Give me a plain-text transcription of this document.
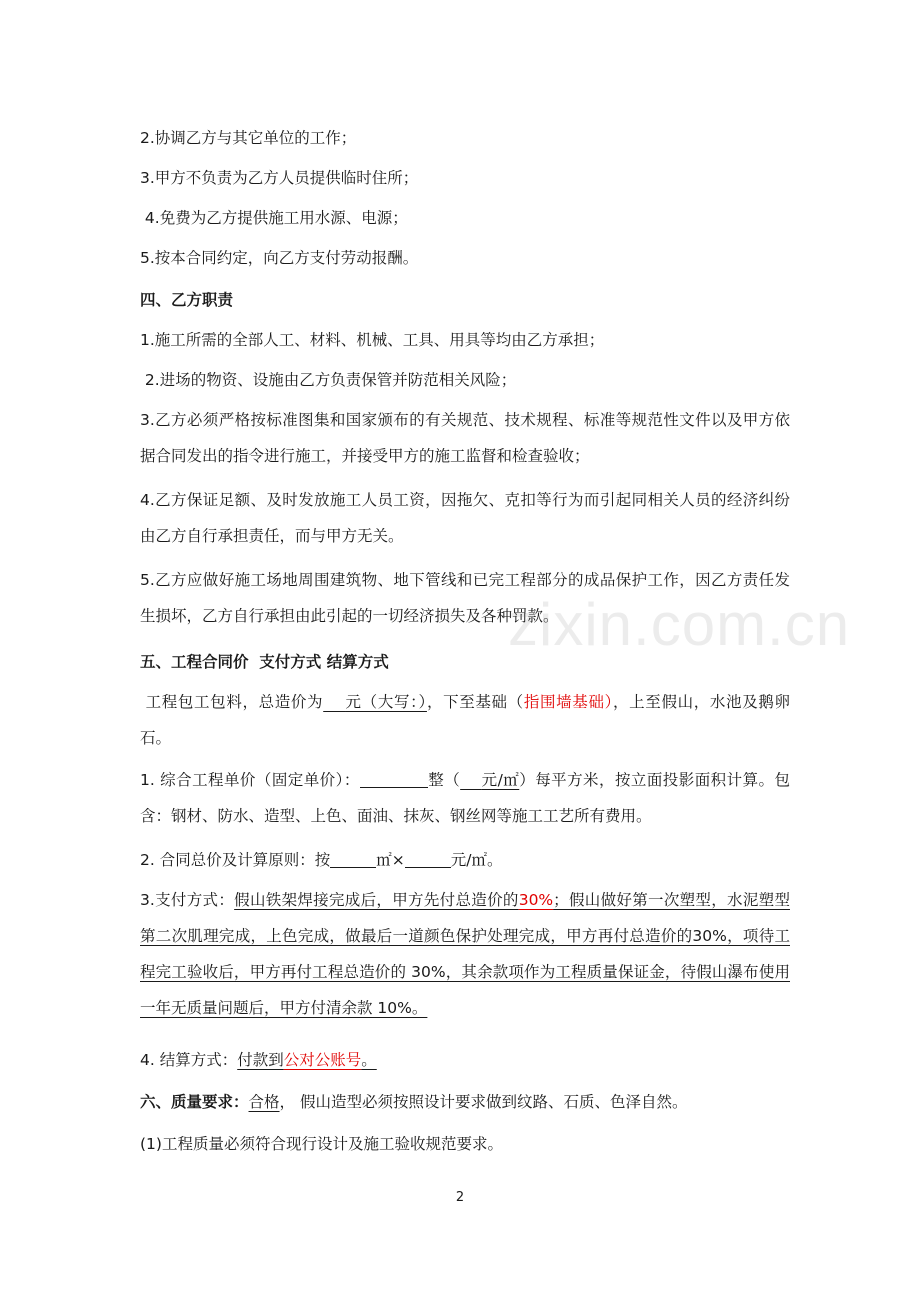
2.协调乙方与其它单位的工作；
3.甲方不负责为乙方人员提供临时住所；
4.免费为乙方提供施工用水源、电源；
5.按本合同约定，向乙方支付劳动报酬。
四、乙方职责
1.施工所需的全部人工、材料、机械、工具、用具等均由乙方承担；
2.进场的物资、设施由乙方负责保管并防范相关风险；
3.乙方必须严格按标准图集和国家颁布的有关规范、技术规程、标准等规范性文件以及甲方依据合同发出的指令进行施工，并接受甲方的施工监督和检查验收；
4.乙方保证足额、及时发放施工人员工资，因拖欠、克扣等行为而引起同相关人员的经济纠纷由乙方自行承担责任，而与甲方无关。
5.乙方应做好施工场地周围建筑物、地下管线和已完工程部分的成品保护工作，因乙方责任发生损坏，乙方自行承担由此引起的一切经济损失及各种罚款。
五、工程合同价  支付方式 结算方式
工程包工包料，总造价为 元（大写：），下至基础（指围墙基础），上至假山，水池及鹅卵石。
1. 综合工程单价（固定单价）：	整（ 元/㎡）每平方米，按立面投影面积计算。包含：钢材、防水、造型、上色、面油、抹灰、钢丝网等施工工艺所有费用。
2. 合同总价及计算原则：按	㎡×	元/㎡。
3.支付方式：假山铁架焊接完成后，甲方先付总造价的30%；假山做好第一次塑型，水泥塑型第二次肌理完成，上色完成，做最后一道颜色保护处理完成，甲方再付总造价的30%，项待工程完工验收后，甲方再付工程总造价的 30%，其余款项作为工程质量保证金，待假山瀑布使用一年无质量问题后，甲方付清余款 10%。
4. 结算方式：付款到公对公账号。
六、质量要求：合格， 假山造型必须按照设计要求做到纹路、石质、色泽自然。
(1)工程质量必须符合现行设计及施工验收规范要求。
zixin.com.cn
2
